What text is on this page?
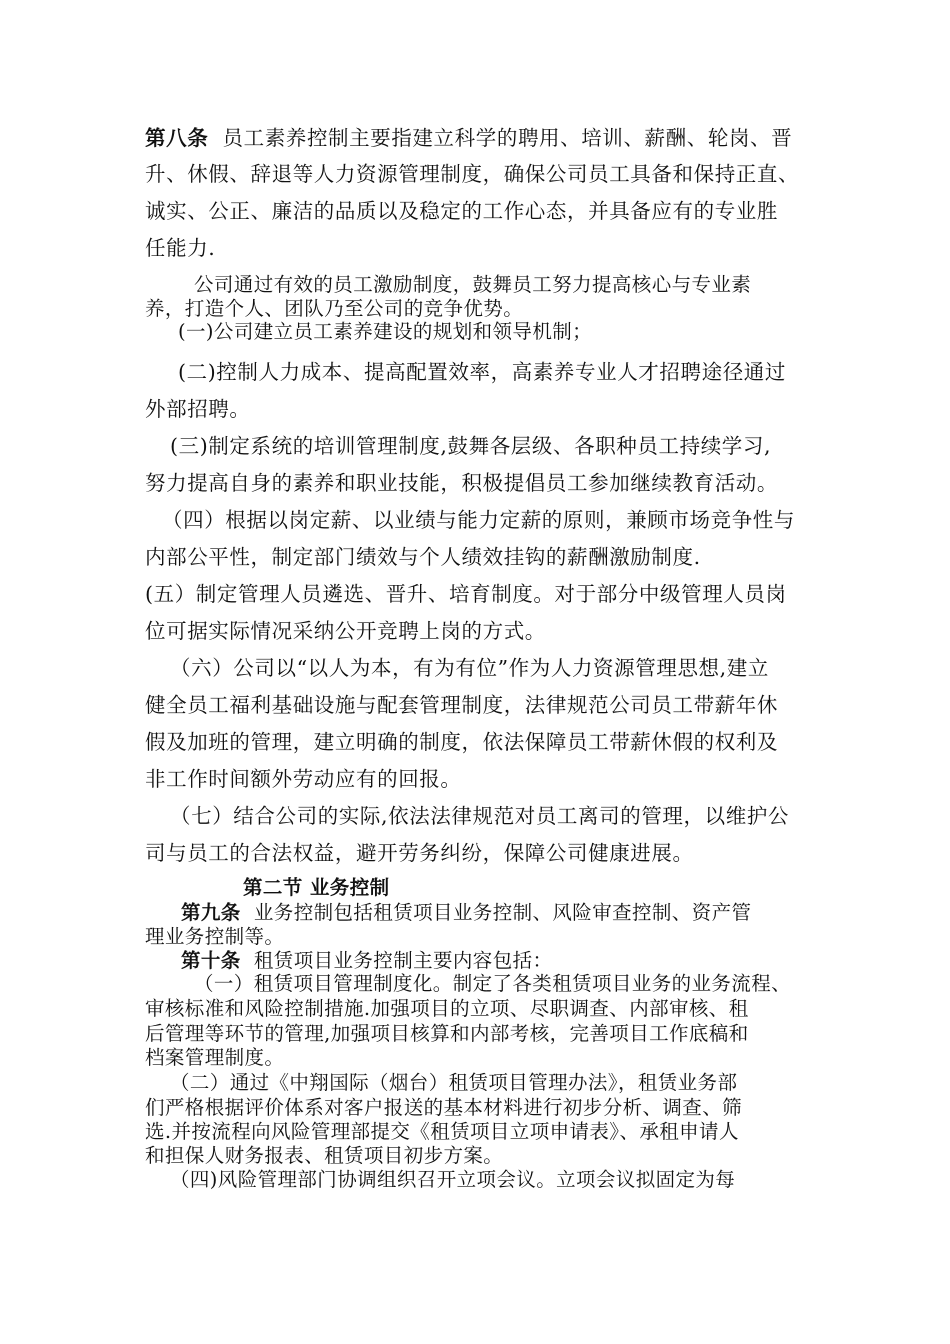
第八条 员工素养控制主要指建立科学的聘用、培训、薪酬、轮岗、晋
升、休假、辞退等人力资源管理制度，确保公司员工具备和保持正直、
诚实、公正、廉洁的品质以及稳定的工作心态，并具备应有的专业胜
任能力.
公司通过有效的员工激励制度，鼓舞员工努力提高核心与专业素
养，打造个人、团队乃至公司的竞争优势。
(一)公司建立员工素养建设的规划和领导机制；
(二)控制人力成本、提高配置效率，高素养专业人才招聘途径通过
外部招聘。
(三)制定系统的培训管理制度,鼓舞各层级、各职种员工持续学习,
努力提高自身的素养和职业技能，积极提倡员工参加继续教育活动。
（四）根据以岗定薪、以业绩与能力定薪的原则，兼顾市场竞争性与
内部公平性，制定部门绩效与个人绩效挂钩的薪酬激励制度.
(五）制定管理人员遴选、晋升、培育制度。对于部分中级管理人员岗
位可据实际情况采纳公开竞聘上岗的方式。
（六）公司以“以人为本，有为有位”作为人力资源管理思想,建立
健全员工福利基础设施与配套管理制度，法律规范公司员工带薪年休
假及加班的管理，建立明确的制度，依法保障员工带薪休假的权利及
非工作时间额外劳动应有的回报。
（七）结合公司的实际,依法法律规范对员工离司的管理，以维护公
司与员工的合法权益，避开劳务纠纷，保障公司健康进展。
第二节 业务控制
第九条 业务控制包括租赁项目业务控制、风险审查控制、资产管
理业务控制等。
第十条 租赁项目业务控制主要内容包括：
（一）租赁项目管理制度化。制定了各类租赁项目业务的业务流程、
审核标准和风险控制措施.加强项目的立项、尽职调查、内部审核、租
后管理等环节的管理,加强项目核算和内部考核，完善项目工作底稿和
档案管理制度。
（二）通过《中翔国际（烟台）租赁项目管理办法》，租赁业务部
们严格根据评价体系对客户报送的基本材料进行初步分析、调查、筛
选.并按流程向风险管理部提交《租赁项目立项申请表》、承租申请人
和担保人财务报表、租赁项目初步方案。
（四)风险管理部门协调组织召开立项会议。立项会议拟固定为每
